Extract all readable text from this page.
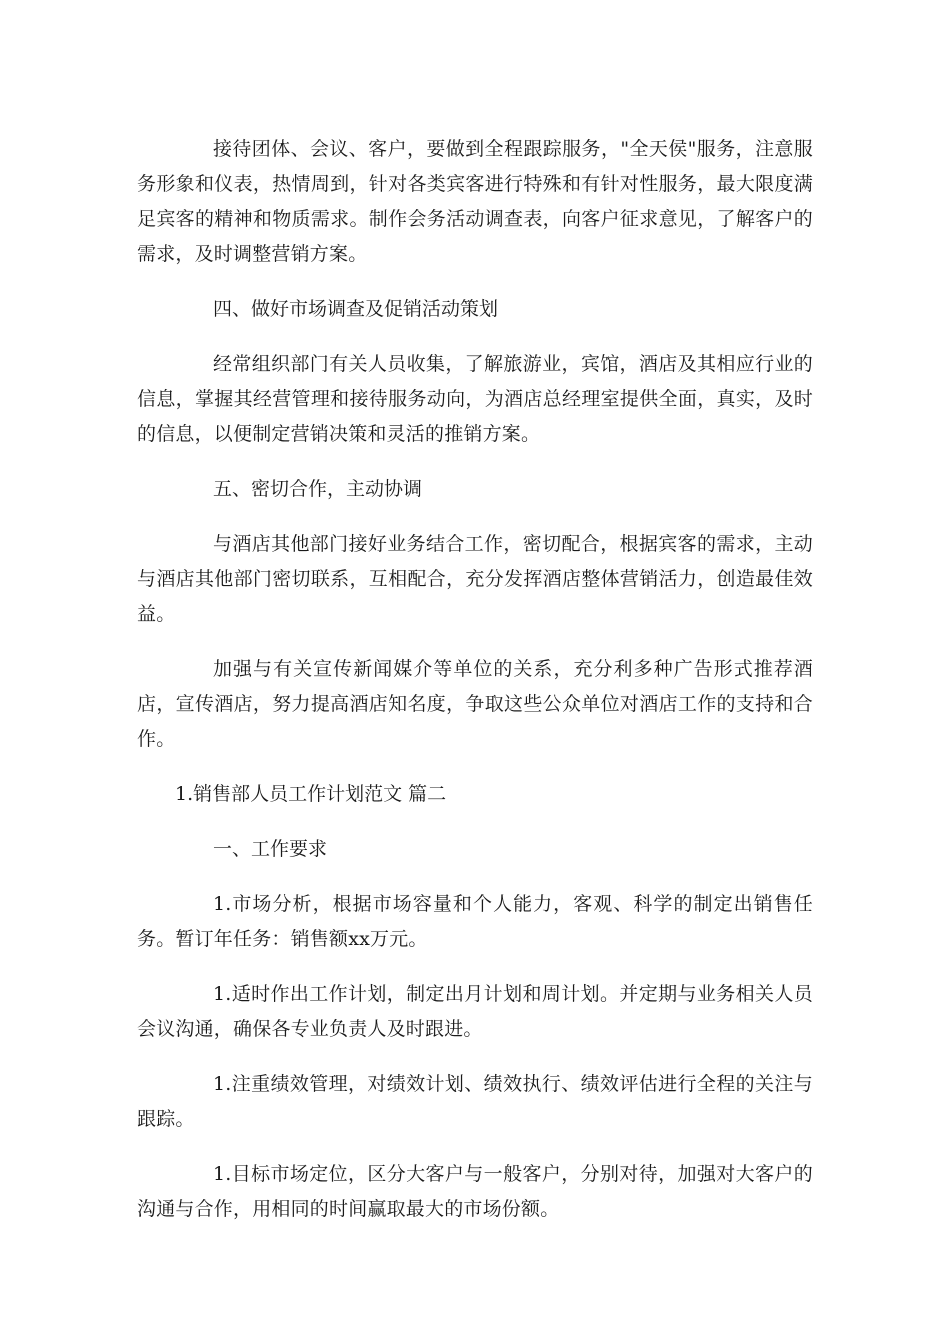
接待团体、会议、客户，要做到全程跟踪服务，"全天侯"服务，注意服务形象和仪表，热情周到，针对各类宾客进行特殊和有针对性服务，最大限度满足宾客的精神和物质需求。制作会务活动调查表，向客户征求意见，了解客户的需求，及时调整营销方案。

四、做好市场调查及促销活动策划

经常组织部门有关人员收集，了解旅游业，宾馆，酒店及其相应行业的信息，掌握其经营管理和接待服务动向，为酒店总经理室提供全面，真实，及时的信息，以便制定营销决策和灵活的推销方案。

五、密切合作，主动协调

与酒店其他部门接好业务结合工作，密切配合，根据宾客的需求，主动与酒店其他部门密切联系，互相配合，充分发挥酒店整体营销活力，创造最佳效益。

加强与有关宣传新闻媒介等单位的关系，充分利多种广告形式推荐酒店，宣传酒店，努力提高酒店知名度，争取这些公众单位对酒店工作的支持和合作。

1.销售部人员工作计划范文 篇二

一、工作要求

1.市场分析，根据市场容量和个人能力，客观、科学的制定出销售任务。暂订年任务：销售额xx万元。

1.适时作出工作计划，制定出月计划和周计划。并定期与业务相关人员会议沟通，确保各专业负责人及时跟进。

1.注重绩效管理，对绩效计划、绩效执行、绩效评估进行全程的关注与跟踪。

1.目标市场定位，区分大客户与一般客户，分别对待，加强对大客户的沟通与合作，用相同的时间赢取最大的市场份额。
